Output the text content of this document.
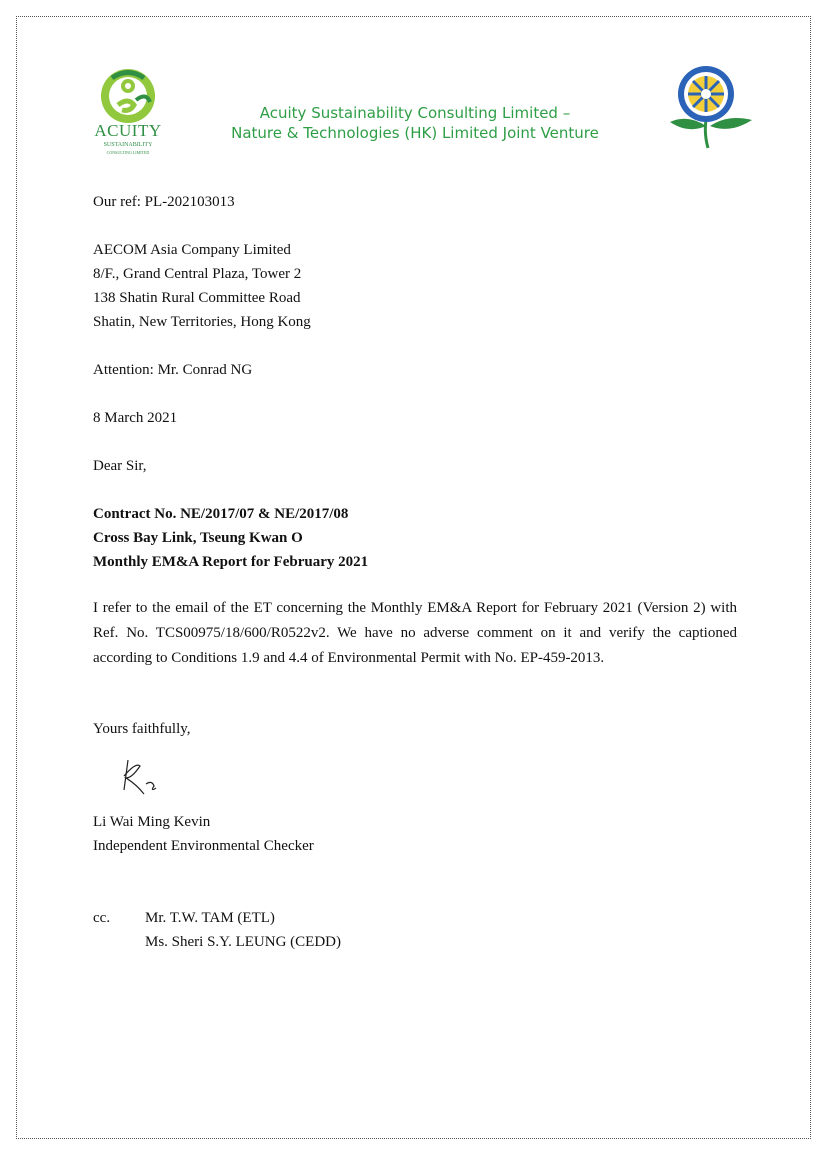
ACUITY
SUSTAINABILITY
CONSULTING LIMITED
Acuity Sustainability Consulting Limited –
Nature & Technologies (HK) Limited Joint Venture
Our ref: PL-202103013
AECOM Asia Company Limited
8/F., Grand Central Plaza, Tower 2
138 Shatin Rural Committee Road
Shatin, New Territories, Hong Kong
Attention: Mr. Conrad NG
8 March 2021
Dear Sir,
Contract No. NE/2017/07 & NE/2017/08
Cross Bay Link, Tseung Kwan O
Monthly EM&A Report for February 2021
I refer to the email of the ET concerning the Monthly EM&A Report for February 2021 (Version 2) with Ref. No. TCS00975/18/600/R0522v2. We have no adverse comment on it and verify the captioned according to Conditions 1.9 and 4.4 of Environmental Permit with No. EP-459-2013.
Yours faithfully,
Li Wai Ming Kevin
Independent Environmental Checker
cc. Mr. T.W. TAM (ETL)
Ms. Sheri S.Y. LEUNG (CEDD)
